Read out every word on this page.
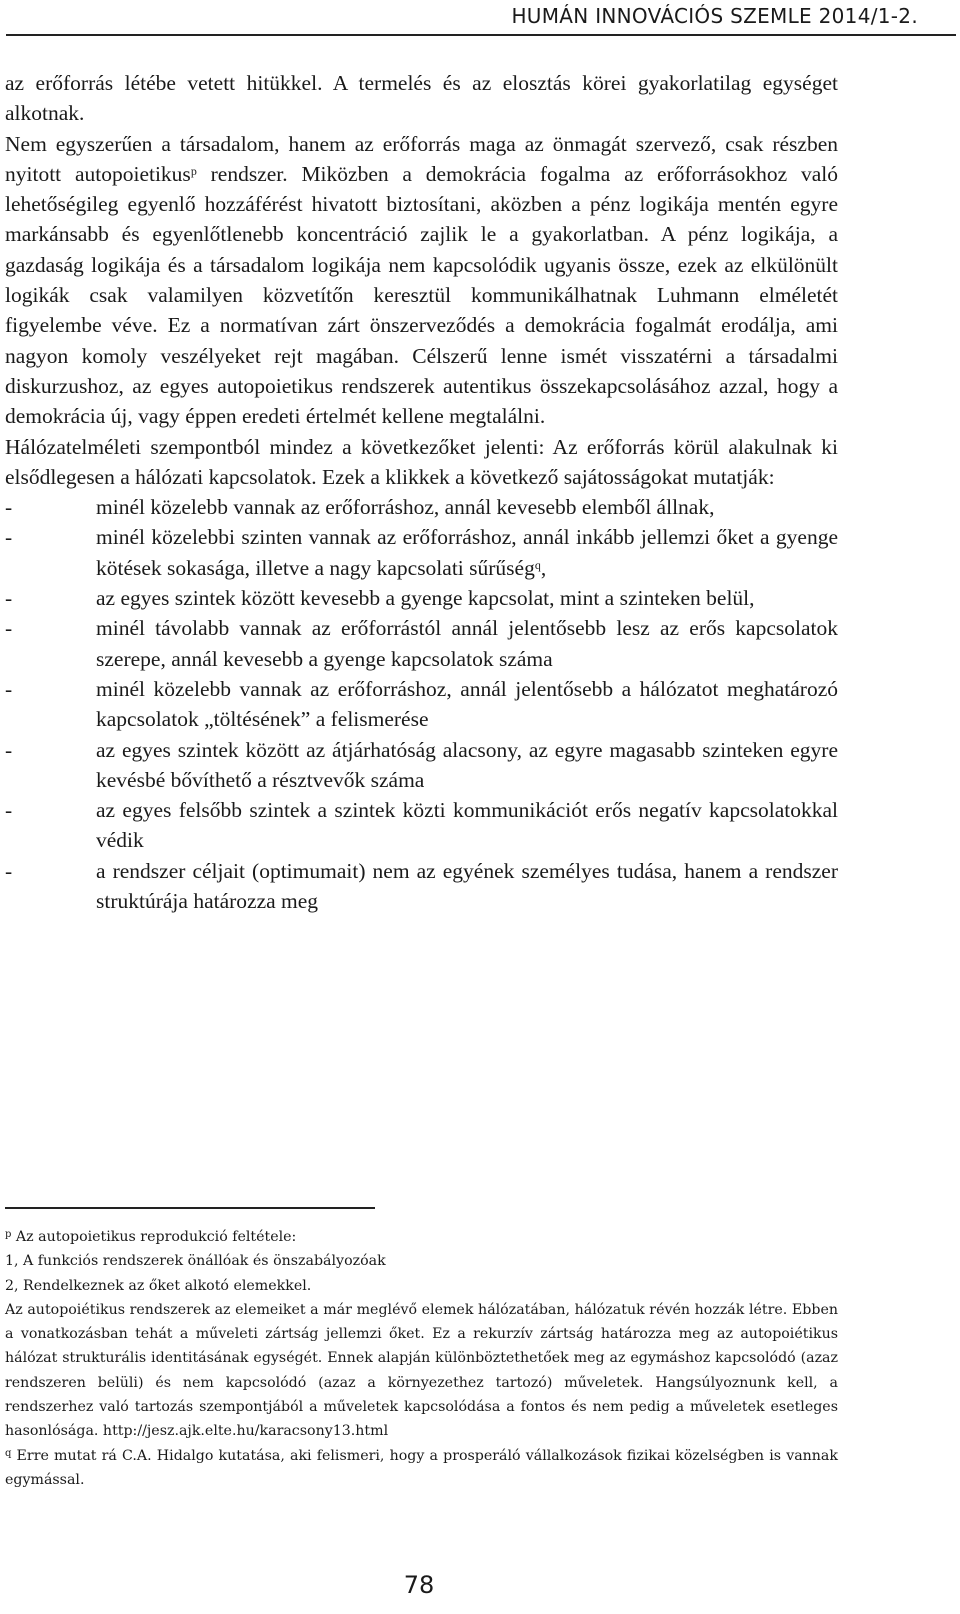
HUMÁN INNOVÁCIÓS SZEMLE 2014/1-2.

az erőforrás létébe vetett hitükkel. A termelés és az elosztás körei gyakorlatilag egységet alkotnak.

Nem egyszerűen a társadalom, hanem az erőforrás maga az önmagát szervező, csak részben nyitott autopoietikus$^p$ rendszer. Miközben a demokrácia fogalma az erőforrásokhoz való lehetőségileg egyenlő hozzáférést hivatott biztosítani, aközben a pénz logikája mentén egyre markánsabb és egyenlőtlenebb koncentráció zajlik le a gyakorlatban. A pénz logikája, a gazdaság logikája és a társadalom logikája nem kapcsolódik ugyanis össze, ezek az elkülönült logikák csak valamilyen közvetítőn keresztül kommunikálhatnak Luhmann elméletét figyelembe véve. Ez a normatívan zárt önszerveződés a demokrácia fogalmát erodálja, ami nagyon komoly veszélyeket rejt magában. Célszerű lenne ismét visszatérni a társadalmi diskurzushoz, az egyes autopoietikus rendszerek autentikus összekapcsolásához azzal, hogy a demokrácia új, vagy éppen eredeti értelmét kellene megtalálni.

Hálózatelméleti szempontból mindez a következőket jelenti: Az erőforrás körül alakulnak ki elsődlegesen a hálózati kapcsolatok. Ezek a klikkek a következő sajátosságokat mutatják:

-	minél közelebb vannak az erőforráshoz, annál kevesebb elemből állnak,
-	minél közelebbi szinten vannak az erőforráshoz, annál inkább jellemzi őket a gyenge kötések sokasága, illetve a nagy kapcsolati sűrűség$^q$,
-	az egyes szintek között kevesebb a gyenge kapcsolat, mint a szinteken belül,
-	minél távolabb vannak az erőforrástól annál jelentősebb lesz az erős kapcsolatok szerepe, annál kevesebb a gyenge kapcsolatok száma
-	minél közelebb vannak az erőforráshoz, annál jelentősebb a hálózatot meghatározó kapcsolatok „töltésének” a felismerése
-	az egyes szintek között az átjárhatóság alacsony, az egyre magasabb szinteken egyre kevésbé bővíthető a résztvevők száma
-	az egyes felsőbb szintek a szintek közti kommunikációt erős negatív kapcsolatokkal védik
-	a rendszer céljait (optimumait) nem az egyének személyes tudása, hanem a rendszer struktúrája határozza meg

$^p$ Az autopoietikus reprodukció feltétele:

1, A funkciós rendszerek önállóak és önszabályozóak

2, Rendelkeznek az őket alkotó elemekkel.

Az autopoiétikus rendszerek az elemeiket a már meglévő elemek hálózatában, hálózatuk révén hozzák létre. Ebben a vonatkozásban tehát a műveleti zártság jellemzi őket. Ez a rekurzív zártság határozza meg az autopoiétikus hálózat strukturális identitásának egységét. Ennek alapján különböztethetőek meg az egymáshoz kapcsolódó (azaz rendszeren belüli) és nem kapcsolódó (azaz a környezethez tartozó) műveletek. Hangsúlyoznunk kell, a rendszerhez való tartozás szempontjából a műveletek kapcsolódása a fontos és nem pedig a műveletek esetleges hasonlósága. http://jesz.ajk.elte.hu/karacsony13.html

$^q$ Erre mutat rá C.A. Hidalgo kutatása, aki felismeri, hogy a prosperáló vállalkozások fizikai közelségben is vannak egymással.

78
